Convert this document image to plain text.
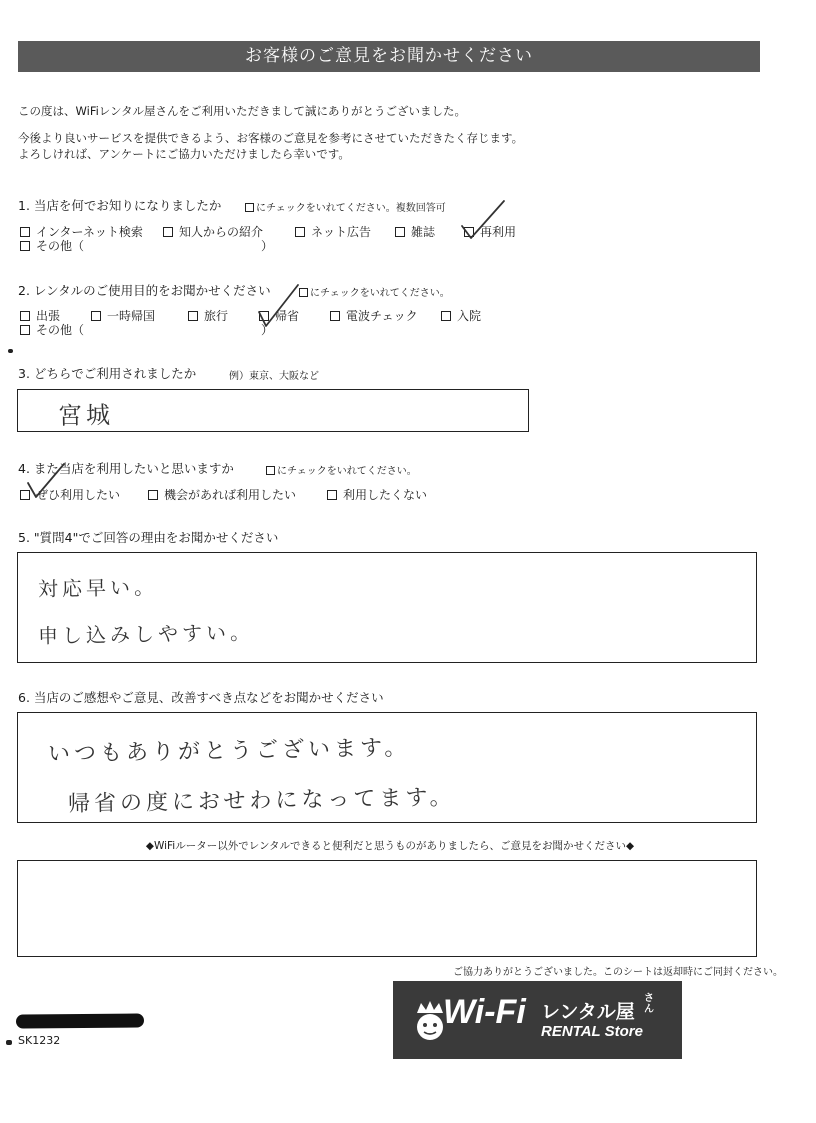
お客様のご意見をお聞かせください
この度は、WiFiレンタル屋さんをご利用いただきまして誠にありがとうございました。
今後より良いサービスを提供できるよう、お客様のご意見を参考にさせていただきたく存じます。
よろしければ、アンケートにご協力いただけましたら幸いです。
1. 当店を何でお知りになりましたか	にチェックをいれてください。複数回答可
インターネット検索	知人からの紹介	ネット広告	雑誌	再利用
その他（	）
2. レンタルのご使用目的をお聞かせください	にチェックをいれてください。
出張	一時帰国	旅行	帰省	電波チェック	入院
その他（	）
3. どちらでご利用されましたか	例）東京、大阪など
宮城
4. また当店を利用したいと思いますか	にチェックをいれてください。
ぜひ利用したい	機会があれば利用したい	利用したくない
5. "質問4"でご回答の理由をお聞かせください
対応早い。
申し込みしやすい。
6. 当店のご感想やご意見、改善すべき点などをお聞かせください
いつもありがとうございます。
帰省の度におせわになってます。
◆WiFiルーター以外でレンタルできると便利だと思うものがありましたら、ご意見をお聞かせください◆
ご協力ありがとうございました。このシートは返却時にご同封ください。
SK1232
Wi-Fi レンタル屋
さん
RENTAL Store
